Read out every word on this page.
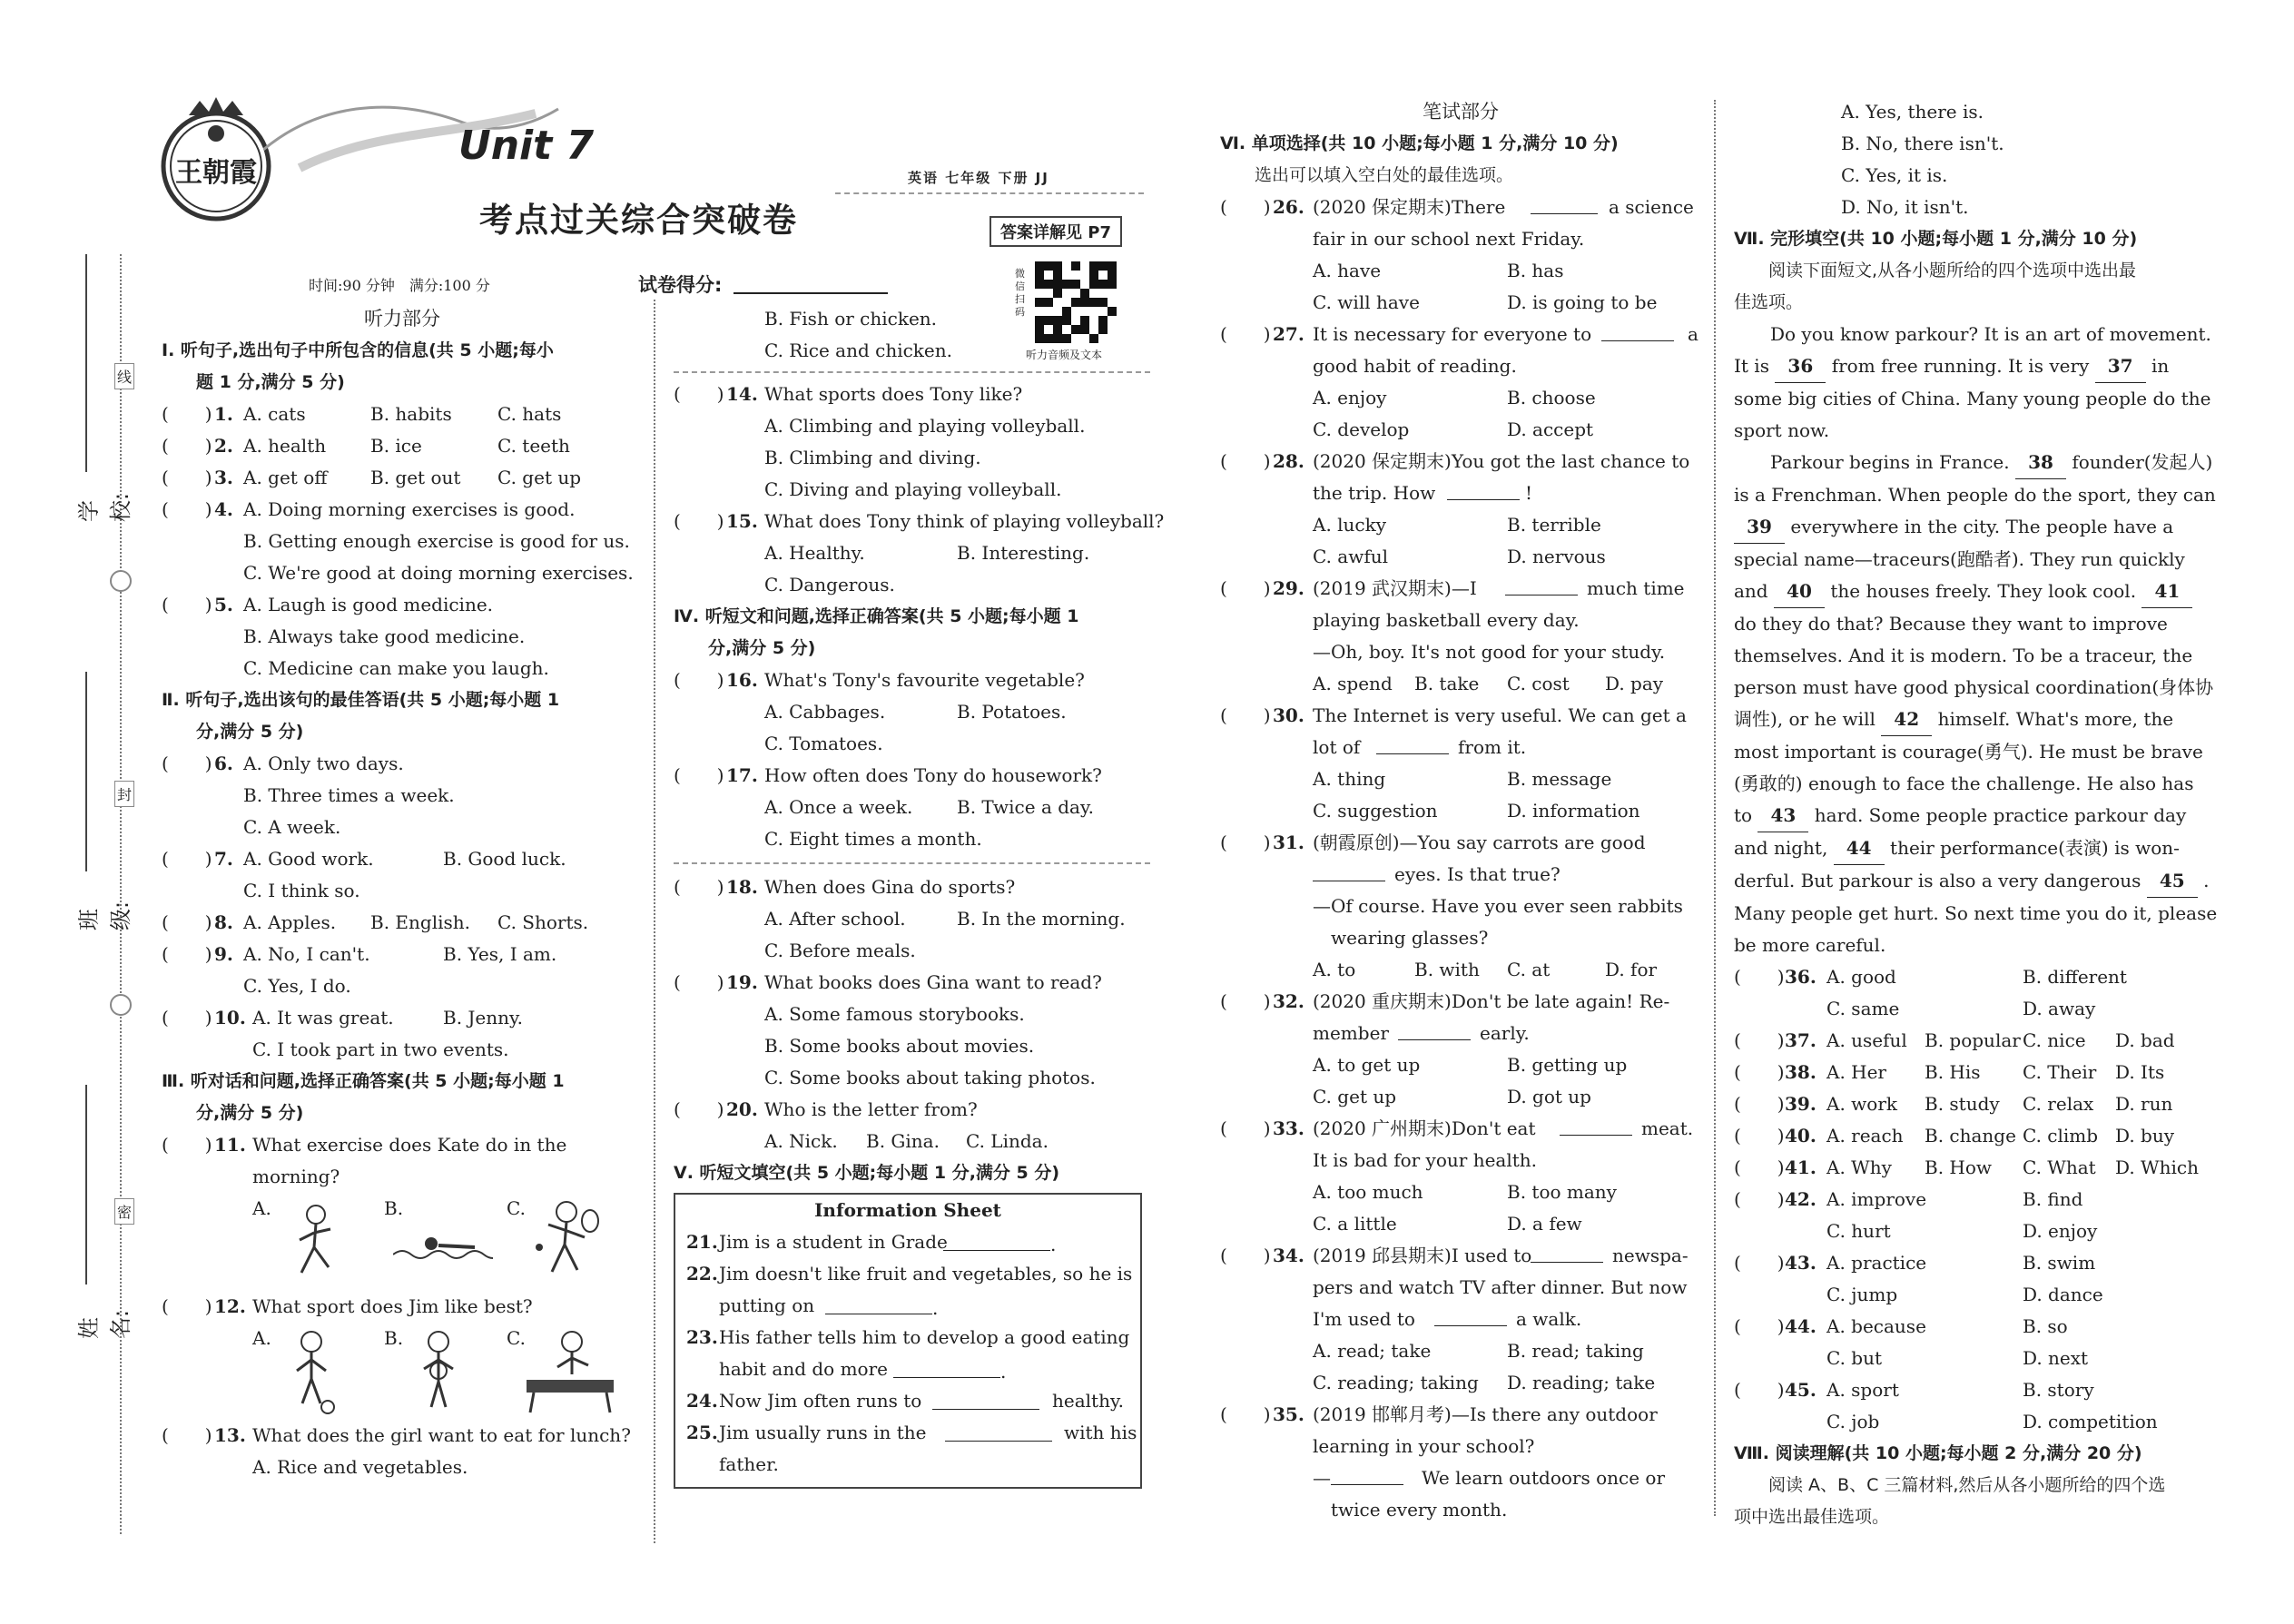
线
封
密
学校:
班级:
姓名:
王朝霞
Unit 7
考点过关综合突破卷
英语 七年级 下册 JJ
答案详解见 P7
微信扫码
听力音频及文本
时间:90 分钟　满分:100 分	试卷得分:
听力部分
Ⅰ. 听句子,选出句子中所包含的信息(共 5 小题;每小
题 1 分,满分 5 分)
(　　) 1. A. cats	B. habits	C. hats
(　　) 2. A. health B. ice	C. teeth
(　　) 3. A. get off B. get out C. get up
(　　) 4. A. Doing morning exercises is good.
B. Getting enough exercise is good for us.
C. We're good at doing morning exercises.
(　　) 5. A. Laugh is good medicine.
B. Always take good medicine.
C. Medicine can make you laugh.
Ⅱ. 听句子,选出该句的最佳答语(共 5 小题;每小题 1
分,满分 5 分)
(　　) 6. A. Only two days.
B. Three times a week.
C. A week.
(　　) 7. A. Good work.	B. Good luck.
C. I think so.
(　　) 8. A. Apples. B. English. C. Shorts.
(　　) 9. A. No, I can't.	B. Yes, I am.
C. Yes, I do.
(　　) 10. A. It was great.	B. Jenny.
C. I took part in two events.
Ⅲ. 听对话和问题,选择正确答案(共 5 小题;每小题 1
分,满分 5 分)
(　　) 11. What exercise does Kate do in the
morning?
A.	B.	C.
(　　) 12. What sport does Jim like best?
A.	B.	C.
(　　) 13. What does the girl want to eat for lunch?
A. Rice and vegetables.
B. Fish or chicken.
C. Rice and chicken.
(　　) 14. What sports does Tony like?
A. Climbing and playing volleyball.
B. Climbing and diving.
C. Diving and playing volleyball.
(　　) 15. What does Tony think of playing volleyball?
A. Healthy.	B. Interesting.
C. Dangerous.
Ⅳ. 听短文和问题,选择正确答案(共 5 小题;每小题 1
分,满分 5 分)
(　　) 16. What's Tony's favourite vegetable?
A. Cabbages.	B. Potatoes.
C. Tomatoes.
(　　) 17. How often does Tony do housework?
A. Once a week. B. Twice a day.
C. Eight times a month.
(　　) 18. When does Gina do sports?
A. After school.	B. In the morning.
C. Before meals.
(　　) 19. What books does Gina want to read?
A. Some famous storybooks.
B. Some books about movies.
C. Some books about taking photos.
(　　) 20. Who is the letter from?
A. Nick. B. Gina. C. Linda.
Ⅴ. 听短文填空(共 5 小题;每小题 1 分,满分 5 分)
Information Sheet
21. Jim is a student in Grade	.
22. Jim doesn't like fruit and vegetables, so he is
putting on	.
23. His father tells him to develop a good eating
habit and do more	.
24. Now Jim often runs to	healthy.
25. Jim usually runs in the	with his
father.
笔试部分
Ⅵ. 单项选择(共 10 小题;每小题 1 分,满分 10 分)
选出可以填入空白处的最佳选项。
(　　) 26. (2020 保定期末)There	a science
fair in our school next Friday.
A. have	B. has
C. will have	D. is going to be
(　　) 27. It is necessary for everyone to	a
good habit of reading.
A. enjoy	B. choose
C. develop	D. accept
(　　) 28. (2020 保定期末)You got the last chance to
the trip. How	!
A. lucky	B. terrible
C. awful	D. nervous
(　　) 29. (2019 武汉期末)—I	much time
playing basketball every day.
—Oh, boy. It's not good for your study.
A. spend B. take C. cost D. pay
(　　) 30. The Internet is very useful. We can get a
lot of	from it.
A. thing	B. message
C. suggestion	D. information
(　　) 31. (朝霞原创)—You say carrots are good
eyes. Is that true?
—Of course. Have you ever seen rabbits
wearing glasses?
A. to	B. with C. at	D. for
(　　) 32. (2020 重庆期末)Don't be late again! Re-
member	early.
A. to get up	B. getting up
C. get up	D. got up
(　　) 33. (2020 广州期末)Don't eat	meat.
It is bad for your health.
A. too much	B. too many
C. a little	D. a few
(　　) 34. (2019 邱县期末)I used to	newspa-
pers and watch TV after dinner. But now
I'm used to	a walk.
A. read; take	B. read; taking
C. reading; taking D. reading; take
(　　) 35. (2019 邯郸月考)—Is there any outdoor
learning in your school?
—	We learn outdoors once or
twice every month.
A. Yes, there is.
B. No, there isn't.
C. Yes, it is.
D. No, it isn't.
Ⅶ. 完形填空(共 10 小题;每小题 1 分,满分 10 分)
阅读下面短文,从各小题所给的四个选项中选出最
佳选项。
Do you know parkour? It is an art of movement.
It is 36 from free running. It is very 37 in
some big cities of China. Many young people do the
sport now.
Parkour begins in France. 38 founder(发起人)
is a Frenchman. When people do the sport, they can
39 everywhere in the city. The people have a
special name—traceurs(跑酷者). They run quickly
and 40 the houses freely. They look cool. 41
do they do that? Because they want to improve
themselves. And it is modern. To be a traceur, the
person must have good physical coordination(身体协
调性), or he will 42 himself. What's more, the
most important is courage(勇气). He must be brave
(勇敢的) enough to face the challenge. He also has
to 43 hard. Some people practice parkour day
and night, 44 their performance(表演) is won-
derful. But parkour is also a very dangerous 45 .
Many people get hurt. So next time you do it, please
be more careful.
(　　) 36. A. good	B. different
C. same	D. away
(　　) 37. A. useful B. popular C. nice D. bad
(　　) 38. A. Her B. His C. Their D. Its
(　　) 39. A. work B. study C. relax D. run
(　　) 40. A. reach B. change C. climb D. buy
(　　) 41. A. Why B. How C. What D. Which
(　　) 42. A. improve	B. find
C. hurt	D. enjoy
(　　) 43. A. practice	B. swim
C. jump	D. dance
(　　) 44. A. because	B. so
C. but	D. next
(　　) 45. A. sport	B. story
C. job	D. competition
Ⅷ. 阅读理解(共 10 小题;每小题 2 分,满分 20 分)
阅读 A、B、C 三篇材料,然后从各小题所给的四个选
项中选出最佳选项。
